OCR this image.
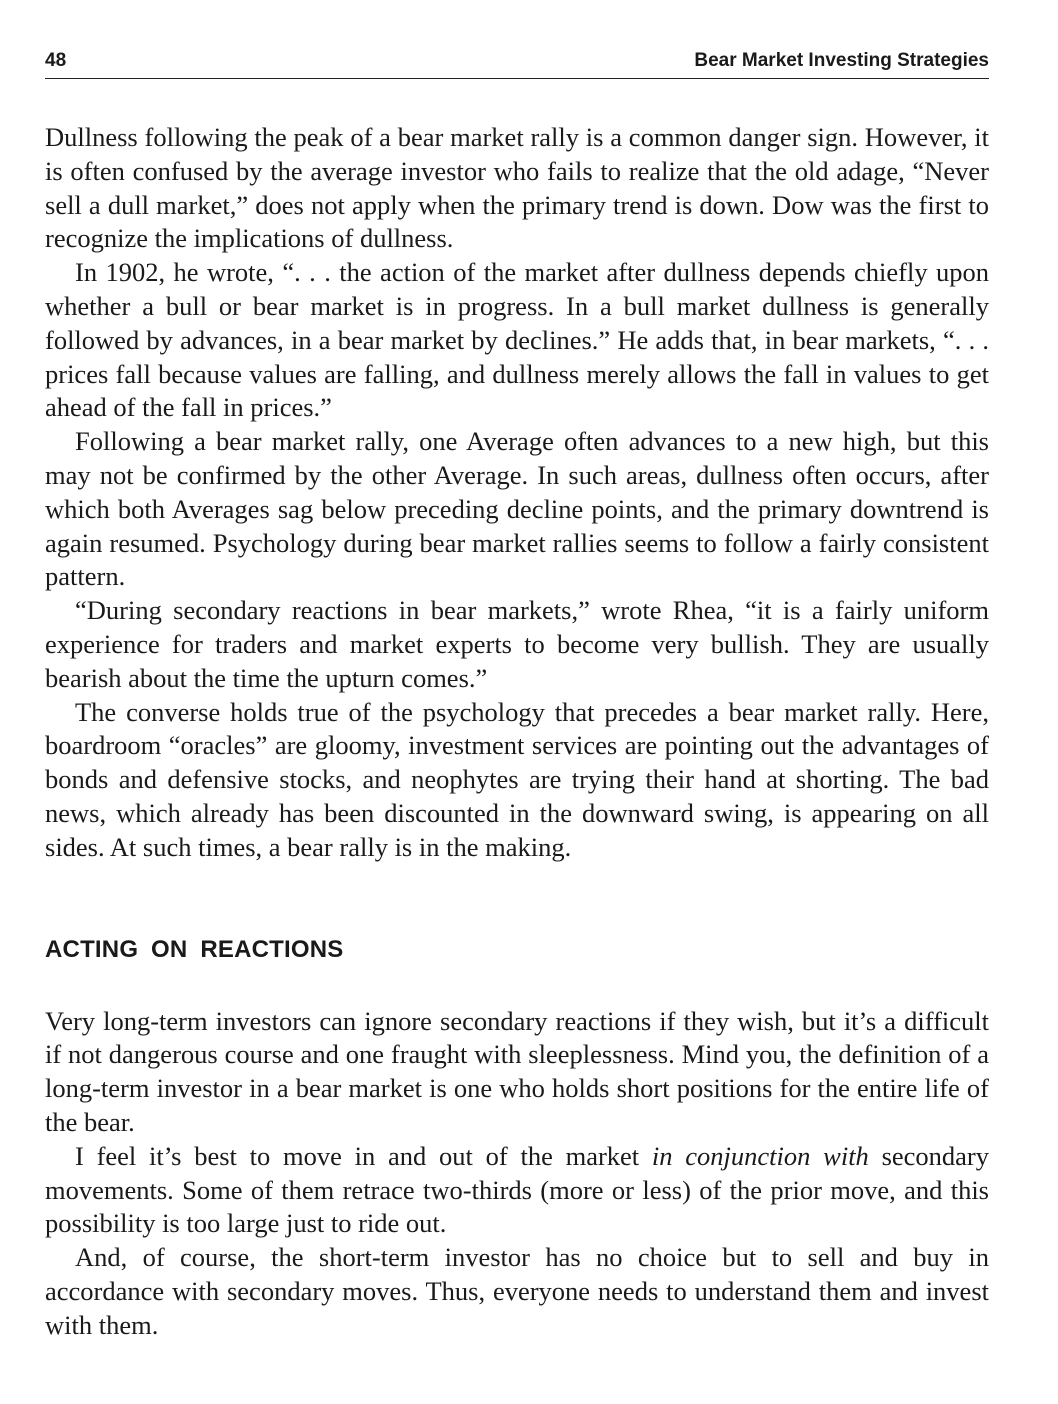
48	Bear Market Investing Strategies

Dullness following the peak of a bear market rally is a common danger sign. However, it is often confused by the average investor who fails to realize that the old adage, “Never sell a dull market,” does not apply when the primary trend is down. Dow was the first to recognize the implications of dullness.

In 1902, he wrote, “. . . the action of the market after dullness depends chiefly upon whether a bull or bear market is in progress. In a bull market dullness is generally followed by advances, in a bear market by declines.” He adds that, in bear markets, “. . . prices fall because values are falling, and dullness merely allows the fall in values to get ahead of the fall in prices.”

Following a bear market rally, one Average often advances to a new high, but this may not be confirmed by the other Average. In such areas, dullness often occurs, after which both Averages sag below preceding decline points, and the primary downtrend is again resumed. Psychology during bear market rallies seems to follow a fairly consistent pattern.

“During secondary reactions in bear markets,” wrote Rhea, “it is a fairly uniform experience for traders and market experts to become very bullish. They are usually bearish about the time the upturn comes.”

The converse holds true of the psychology that precedes a bear market rally. Here, boardroom “oracles” are gloomy, investment services are pointing out the advantages of bonds and defensive stocks, and neophytes are trying their hand at shorting. The bad news, which already has been discounted in the downward swing, is appearing on all sides. At such times, a bear rally is in the making.

ACTING ON REACTIONS

Very long-term investors can ignore secondary reactions if they wish, but it’s a difficult if not dangerous course and one fraught with sleeplessness. Mind you, the definition of a long-term investor in a bear market is one who holds short positions for the entire life of the bear.

I feel it’s best to move in and out of the market in conjunction with secondary movements. Some of them retrace two-thirds (more or less) of the prior move, and this possibility is too large just to ride out.

And, of course, the short-term investor has no choice but to sell and buy in accordance with secondary moves. Thus, everyone needs to understand them and invest with them.
